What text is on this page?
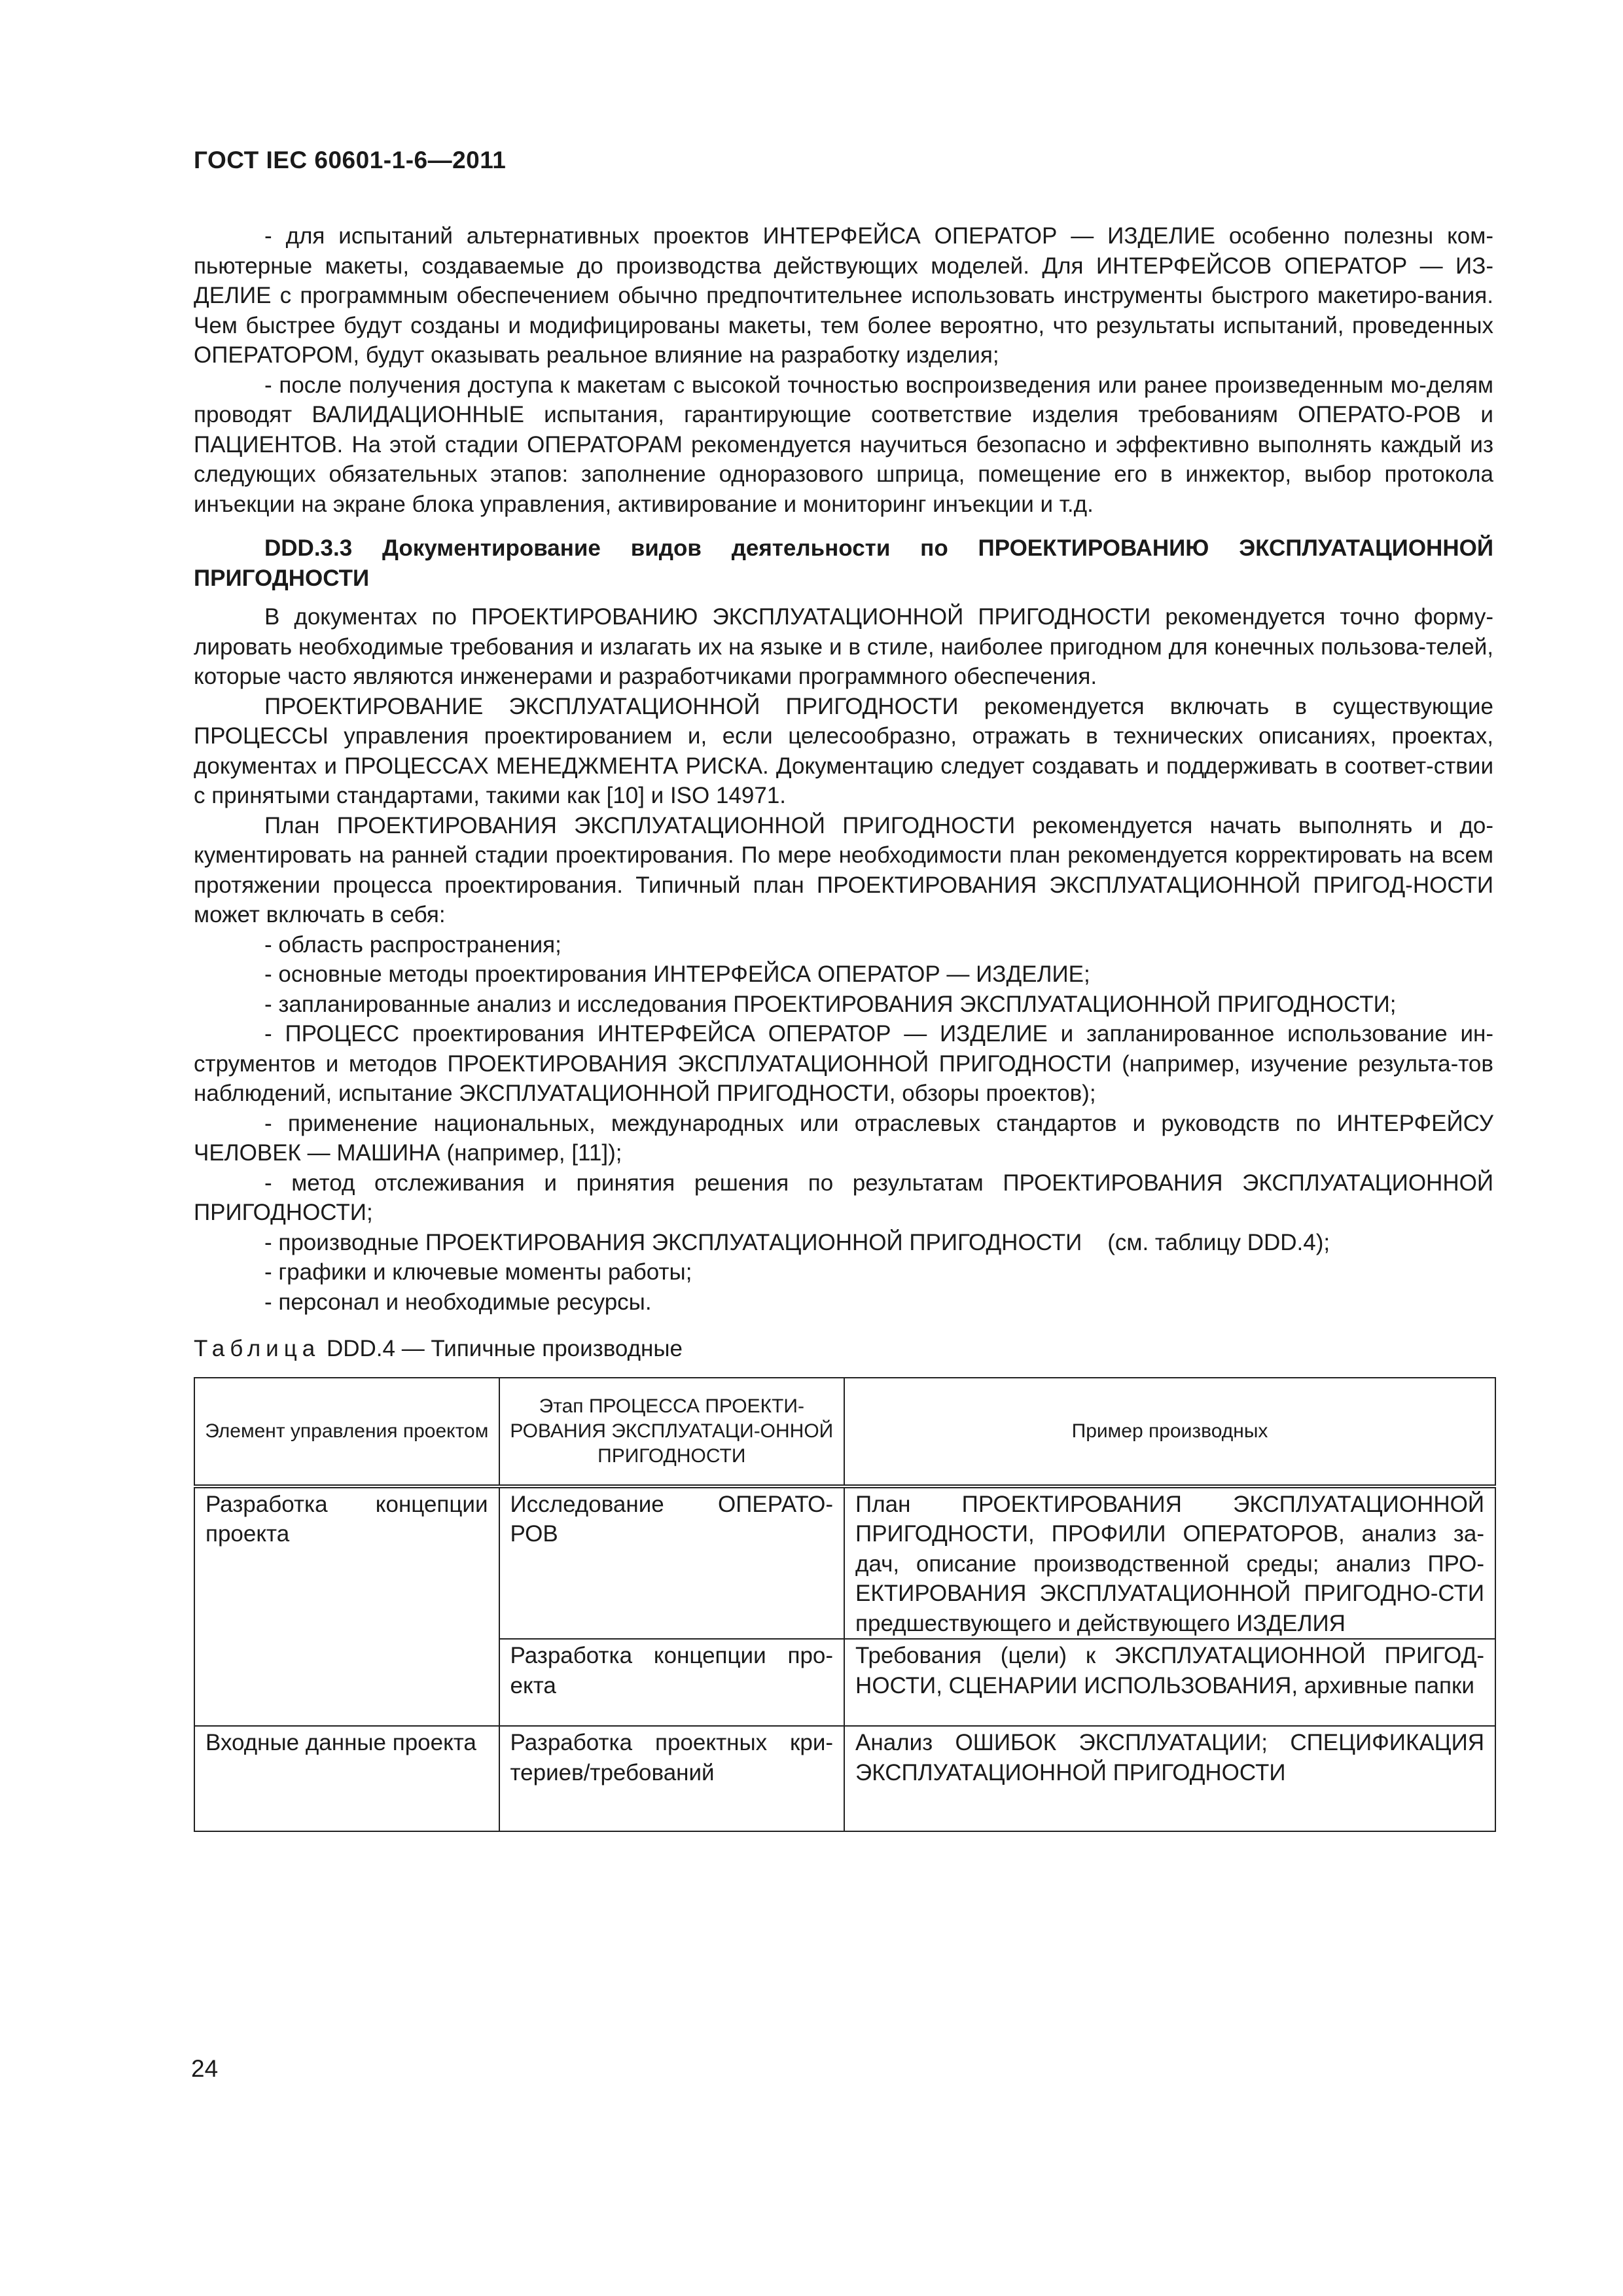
ГОСТ IEC 60601-1-6—2011

- для испытаний альтернативных проектов ИНТЕРФЕЙСА ОПЕРАТОР — ИЗДЕЛИЕ особенно полезны ком-пьютерные макеты, создаваемые до производства действующих моделей. Для ИНТЕРФЕЙСОВ ОПЕРАТОР — ИЗ-ДЕЛИЕ с программным обеспечением обычно предпочтительнее использовать инструменты быстрого макетиро-вания. Чем быстрее будут созданы и модифицированы макеты, тем более вероятно, что результаты испытаний, проведенных ОПЕРАТОРОМ, будут оказывать реальное влияние на разработку изделия;

- после получения доступа к макетам с высокой точностью воспроизведения или ранее произведенным мо-делям проводят ВАЛИДАЦИОННЫЕ испытания, гарантирующие соответствие изделия требованиям ОПЕРАТО-РОВ и ПАЦИЕНТОВ. На этой стадии ОПЕРАТОРАМ рекомендуется научиться безопасно и эффективно выполнять каждый из следующих обязательных этапов: заполнение одноразового шприца, помещение его в инжектор, выбор протокола инъекции на экране блока управления, активирование и мониторинг инъекции и т.д.

DDD.3.3 Документирование видов деятельности по ПРОЕКТИРОВАНИЮ ЭКСПЛУАТАЦИОННОЙ ПРИГОДНОСТИ

В документах по ПРОЕКТИРОВАНИЮ ЭКСПЛУАТАЦИОННОЙ ПРИГОДНОСТИ рекомендуется точно форму-лировать необходимые требования и излагать их на языке и в стиле, наиболее пригодном для конечных пользова-телей, которые часто являются инженерами и разработчиками программного обеспечения.

ПРОЕКТИРОВАНИЕ ЭКСПЛУАТАЦИОННОЙ ПРИГОДНОСТИ рекомендуется включать в существующие ПРОЦЕССЫ управления проектированием и, если целесообразно, отражать в технических описаниях, проектах, документах и ПРОЦЕССАХ МЕНЕДЖМЕНТА РИСКА. Документацию следует создавать и поддерживать в соответ-ствии с принятыми стандартами, такими как [10] и ISO 14971.

План ПРОЕКТИРОВАНИЯ ЭКСПЛУАТАЦИОННОЙ ПРИГОДНОСТИ рекомендуется начать выполнять и до-кументировать на ранней стадии проектирования. По мере необходимости план рекомендуется корректировать на всем протяжении процесса проектирования. Типичный план ПРОЕКТИРОВАНИЯ ЭКСПЛУАТАЦИОННОЙ ПРИГОД-НОСТИ может включать в себя:

- область распространения;

- основные методы проектирования ИНТЕРФЕЙСА ОПЕРАТОР — ИЗДЕЛИЕ;

- запланированные анализ и исследования ПРОЕКТИРОВАНИЯ ЭКСПЛУАТАЦИОННОЙ ПРИГОДНОСТИ;

- ПРОЦЕСС проектирования ИНТЕРФЕЙСА ОПЕРАТОР — ИЗДЕЛИЕ и запланированное использование ин-струментов и методов ПРОЕКТИРОВАНИЯ ЭКСПЛУАТАЦИОННОЙ ПРИГОДНОСТИ (например, изучение результа-тов наблюдений, испытание ЭКСПЛУАТАЦИОННОЙ ПРИГОДНОСТИ, обзоры проектов);

- применение национальных, международных или отраслевых стандартов и руководств по ИНТЕРФЕЙСУ ЧЕЛОВЕК — МАШИНА (например, [11]);

- метод отслеживания и принятия решения по результатам ПРОЕКТИРОВАНИЯ ЭКСПЛУАТАЦИОННОЙ ПРИГОДНОСТИ;

- производные ПРОЕКТИРОВАНИЯ ЭКСПЛУАТАЦИОННОЙ ПРИГОДНОСТИ    (см. таблицу DDD.4);

- графики и ключевые моменты работы;

- персонал и необходимые ресурсы.

Таблица DDD.4 — Типичные производные
Элемент управления проектом	Этап ПРОЦЕССА ПРОЕКТИ-РОВАНИЯ ЭКСПЛУАТАЦИ-ОННОЙ ПРИГОДНОСТИ	Пример производных
Разработка концепции проекта	Исследование ОПЕРАТО-РОВ	План ПРОЕКТИРОВАНИЯ ЭКСПЛУАТАЦИОННОЙ ПРИГОДНОСТИ, ПРОФИЛИ ОПЕРАТОРОВ, анализ за-дач, описание производственной среды; анализ ПРО-ЕКТИРОВАНИЯ ЭКСПЛУАТАЦИОННОЙ ПРИГОДНО-СТИ предшествующего и действующего ИЗДЕЛИЯ
	Разработка концепции про-екта	Требования (цели) к ЭКСПЛУАТАЦИОННОЙ ПРИГОД-НОСТИ, СЦЕНАРИИ ИСПОЛЬЗОВАНИЯ, архивные папки
Входные данные проекта	Разработка проектных кри-териев/требований	Анализ ОШИБОК ЭКСПЛУАТАЦИИ; СПЕЦИФИКАЦИЯ ЭКСПЛУАТАЦИОННОЙ ПРИГОДНОСТИ
24
